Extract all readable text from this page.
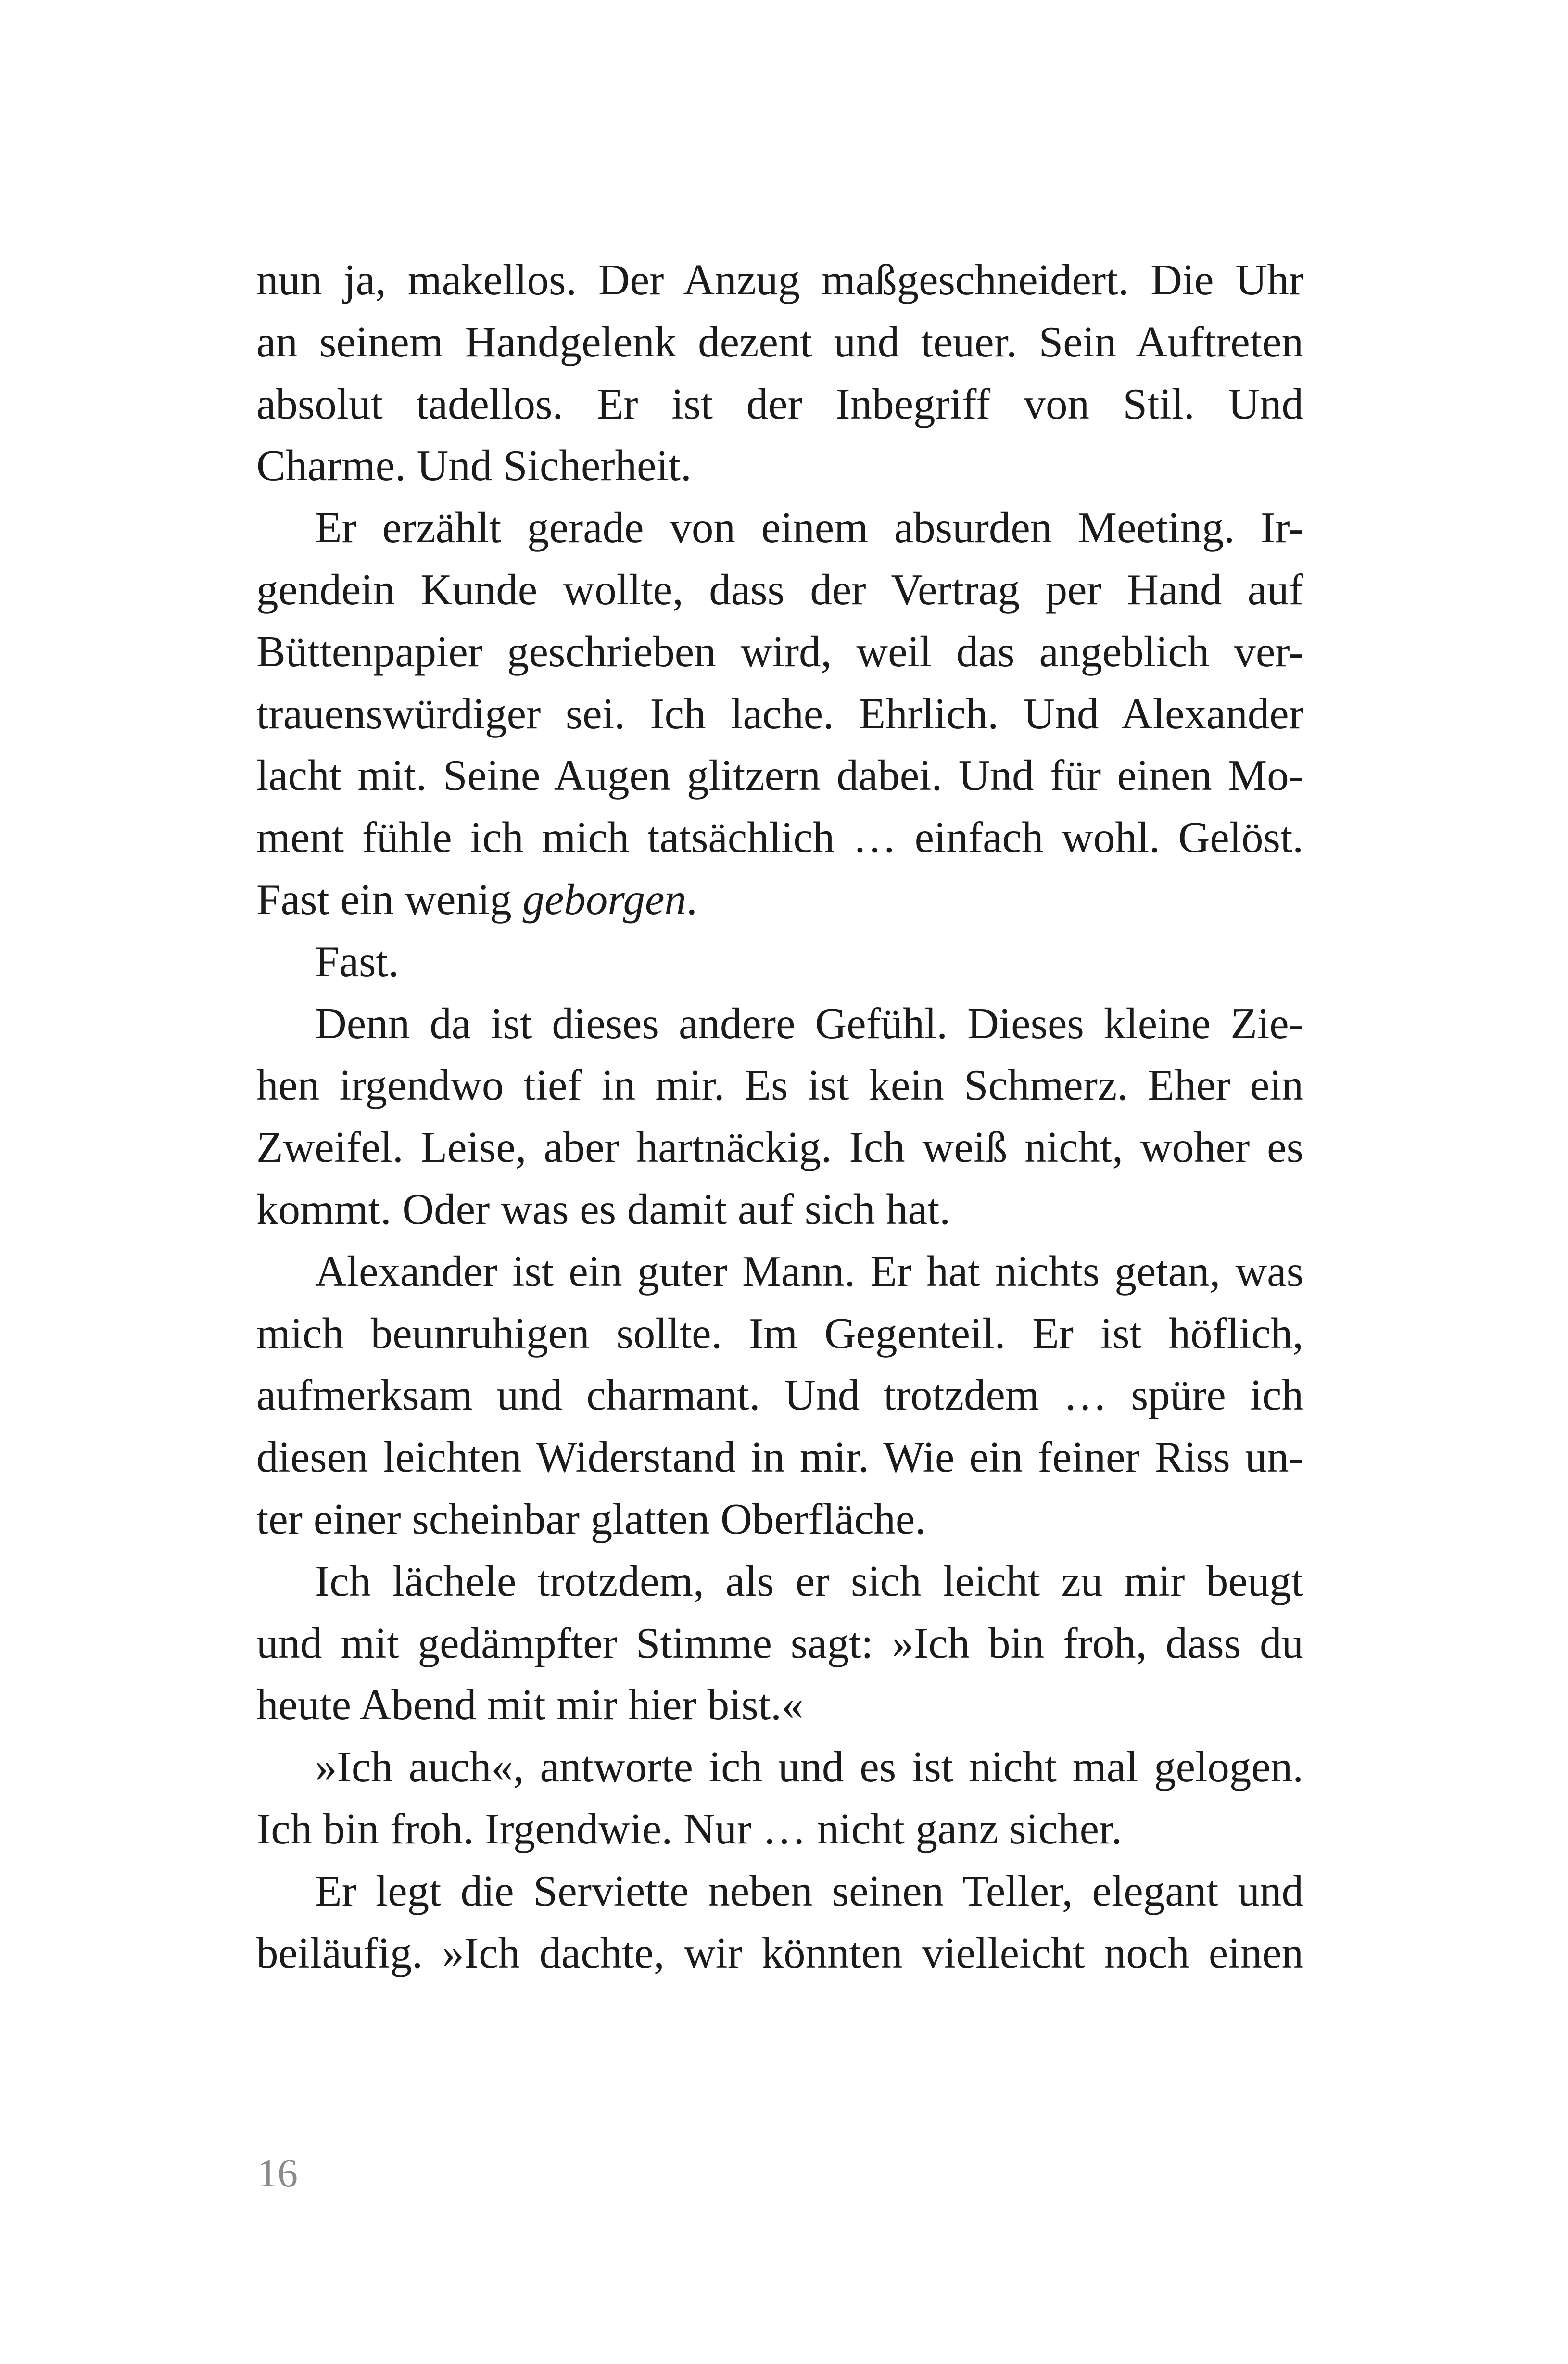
nun ja, makellos. Der Anzug maßgeschneidert. Die Uhr
an seinem Handgelenk dezent und teuer. Sein Auftreten
absolut tadellos. Er ist der Inbegriff von Stil. Und
Charme. Und Sicherheit.
Er erzählt gerade von einem absurden Meeting. Ir-
gendein Kunde wollte, dass der Vertrag per Hand auf
Büttenpapier geschrieben wird, weil das angeblich ver-
trauenswürdiger sei. Ich lache. Ehrlich. Und Alexander
lacht mit. Seine Augen glitzern dabei. Und für einen Mo-
ment fühle ich mich tatsächlich … einfach wohl. Gelöst.
Fast ein wenig geborgen.
Fast.
Denn da ist dieses andere Gefühl. Dieses kleine Zie-
hen irgendwo tief in mir. Es ist kein Schmerz. Eher ein
Zweifel. Leise, aber hartnäckig. Ich weiß nicht, woher es
kommt. Oder was es damit auf sich hat.
Alexander ist ein guter Mann. Er hat nichts getan, was
mich beunruhigen sollte. Im Gegenteil. Er ist höflich,
aufmerksam und charmant. Und trotzdem … spüre ich
diesen leichten Widerstand in mir. Wie ein feiner Riss un-
ter einer scheinbar glatten Oberfläche.
Ich lächele trotzdem, als er sich leicht zu mir beugt
und mit gedämpfter Stimme sagt: »Ich bin froh, dass du
heute Abend mit mir hier bist.«
»Ich auch«, antworte ich und es ist nicht mal gelogen.
Ich bin froh. Irgendwie. Nur … nicht ganz sicher.
Er legt die Serviette neben seinen Teller, elegant und
beiläufig. »Ich dachte, wir könnten vielleicht noch einen
16
